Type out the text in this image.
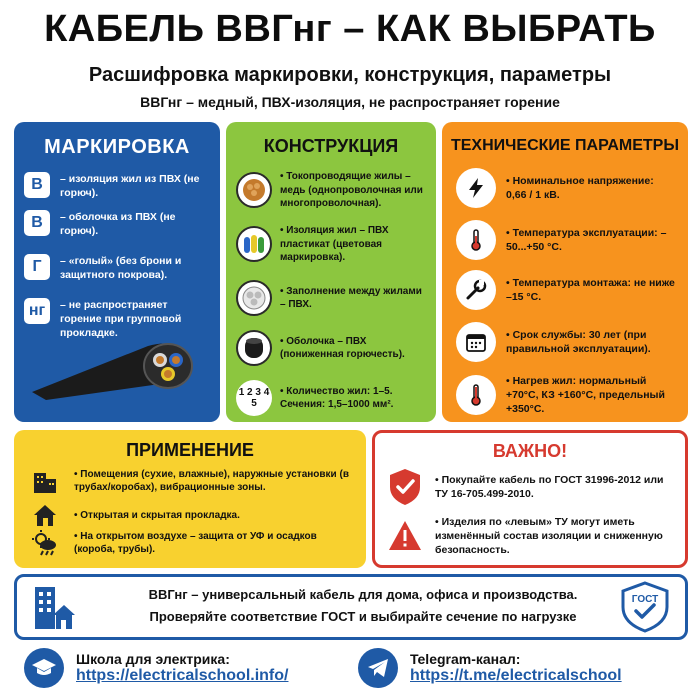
КАБЕЛЬ ВВГнг – КАК ВЫБРАТЬ
Расшифровка маркировки, конструкция, параметры
ВВГнг – медный, ПВХ-изоляция, не распространяет горение
МАРКИРОВКА
В	– изоляция жил из ПВХ (не горюч).
В	– оболочка из ПВХ (не горюч).
Г	– «голый» (без брони и защитного покрова).
нг	– не распространяет горение при групповой прокладке.
КОНСТРУКЦИЯ
• Токопроводящие жилы – медь (однопроволочная или многопроволочная).
• Изоляция жил – ПВХ пластикат (цветовая маркировка).
• Заполнение между жилами – ПВХ.
• Оболочка – ПВХ (пониженная горючесть).
1 2 3 4 5
• Количество жил: 1–5. Сечения: 1,5–1000 мм².
ТЕХНИЧЕСКИЕ ПАРАМЕТРЫ
• Номинальное напряжение: 0,66 / 1 кВ.
• Температура эксплуатации: –50...+50 °С.
• Температура монтажа: не ниже –15 °С.
• Срок службы: 30 лет (при правильной эксплуатации).
• Нагрев жил: нормальный +70°С, КЗ +160°С, предельный +350°С.
ПРИМЕНЕНИЕ
• Помещения (сухие, влажные), наружные установки (в трубах/коробах), вибрационные зоны.
• Открытая и скрытая прокладка.
• На открытом воздухе – защита от УФ и осадков (короба, трубы).
ВАЖНО!
• Покупайте кабель по ГОСТ 31996-2012 или ТУ 16-705.499-2010.
• Изделия по «левым» ТУ могут иметь изменённый состав изоляции и сниженную безопасность.
ВВГнг – универсальный кабель для дома, офиса и производства.
Проверяйте соответствие ГОСТ и выбирайте сечение по нагрузке
ГОСТ
Школа для электрика:
https://electricalschool.info/
Telegram-канал:
https://t.me/electricalschool
